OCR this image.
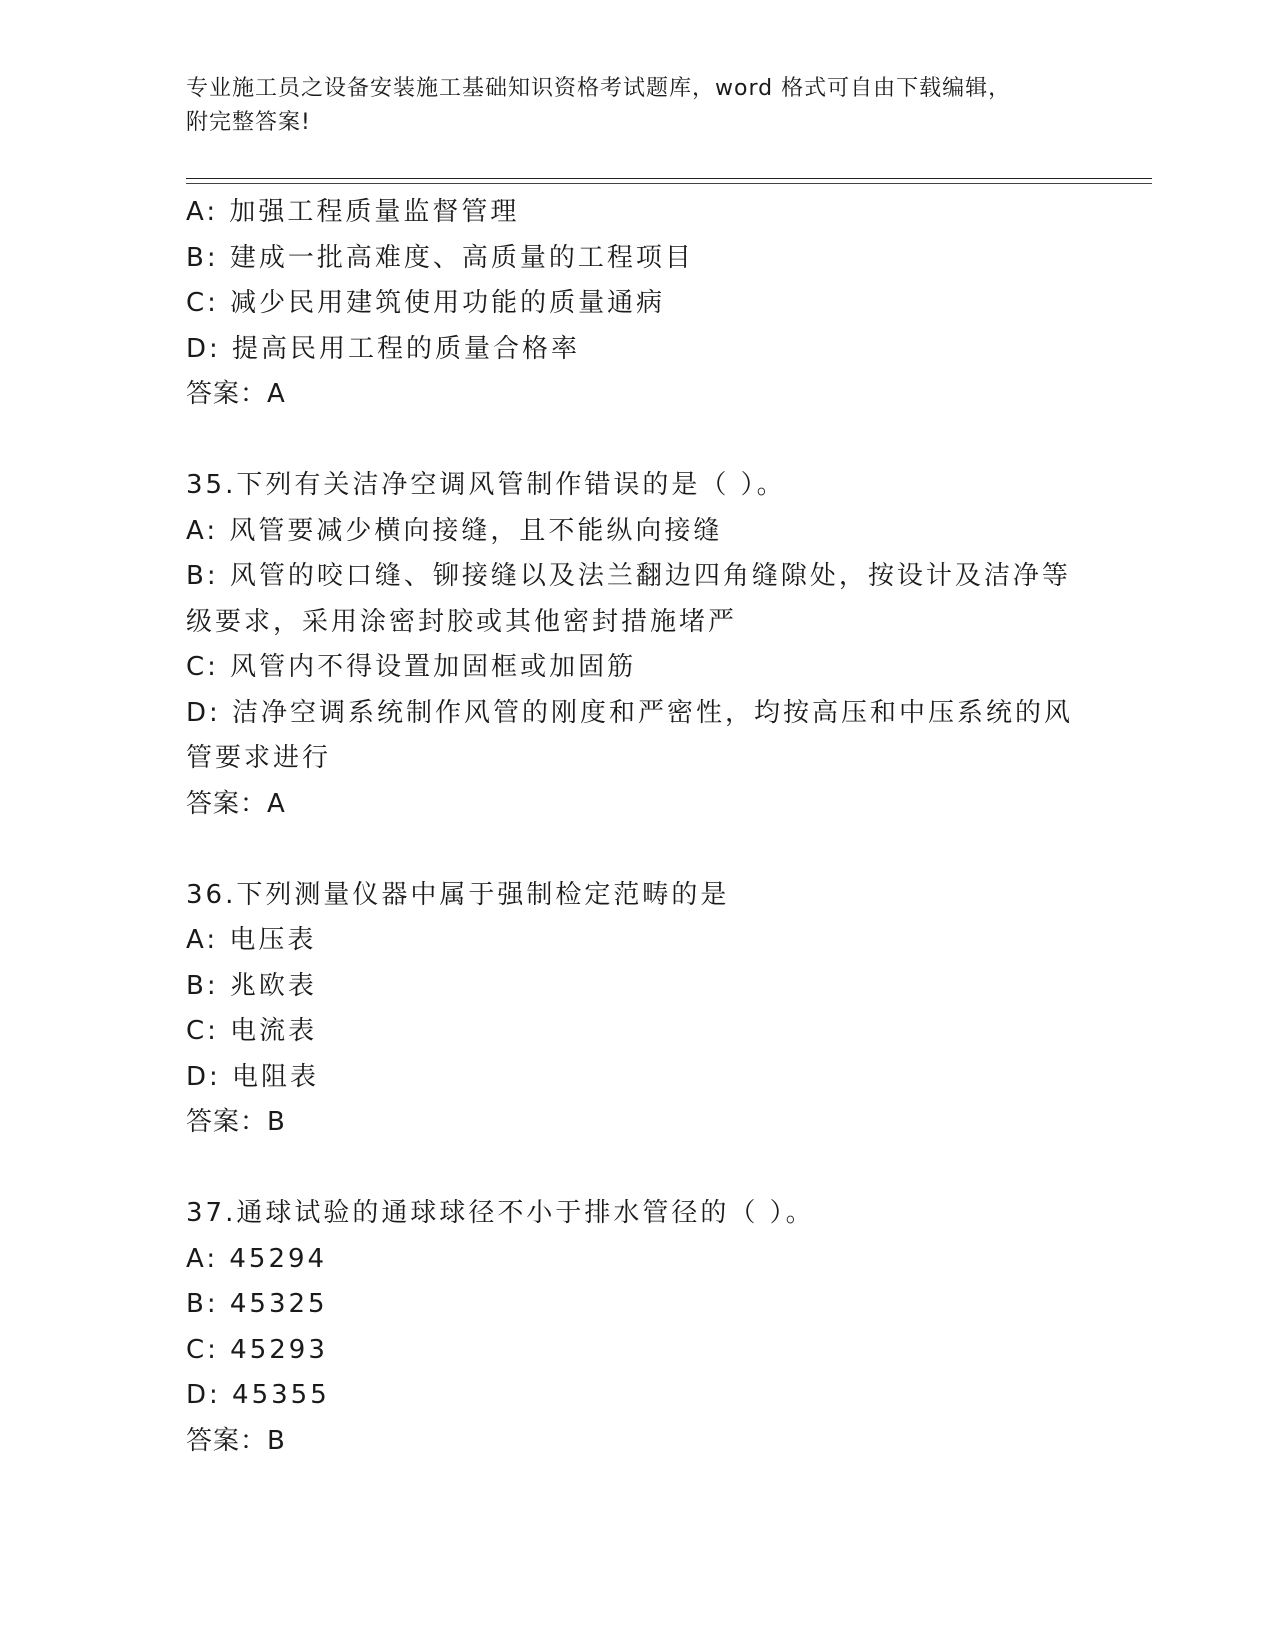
专业施工员之设备安装施工基础知识资格考试题库，word 格式可自由下载编辑，
附完整答案!
A: 加强工程质量监督管理
B: 建成一批高难度、高质量的工程项目
C: 减少民用建筑使用功能的质量通病
D: 提高民用工程的质量合格率
答案：A
35.下列有关洁净空调风管制作错误的是（ ）。
A: 风管要减少横向接缝，且不能纵向接缝
B: 风管的咬口缝、铆接缝以及法兰翻边四角缝隙处，按设计及洁净等
级要求，采用涂密封胶或其他密封措施堵严
C: 风管内不得设置加固框或加固筋
D: 洁净空调系统制作风管的刚度和严密性，均按高压和中压系统的风
管要求进行
答案：A
36.下列测量仪器中属于强制检定范畴的是
A: 电压表
B: 兆欧表
C: 电流表
D: 电阻表
答案：B
37.通球试验的通球球径不小于排水管径的（ ）。
A: 45294
B: 45325
C: 45293
D: 45355
答案：B
